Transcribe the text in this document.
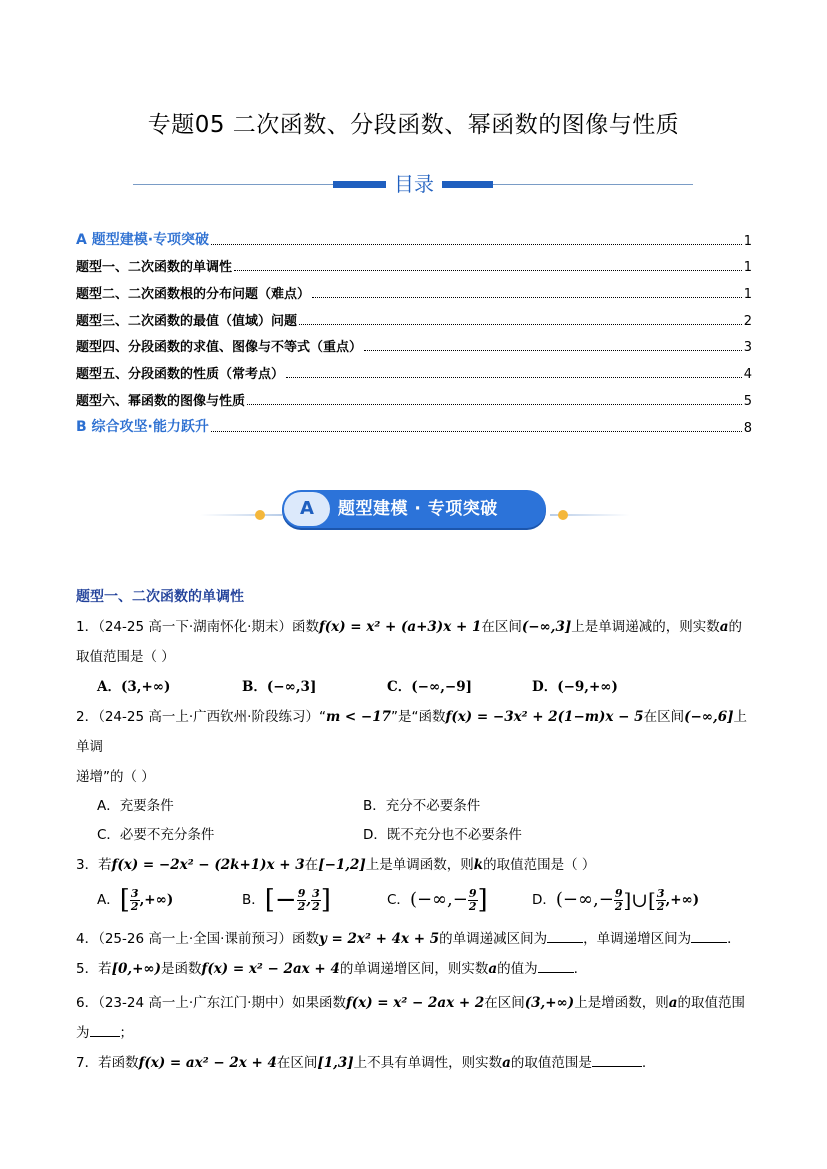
专题05 二次函数、分段函数、幂函数的图像与性质
目录
A 题型建模·专项突破	1
题型一、二次函数的单调性	1
题型二、二次函数根的分布问题（难点）	1
题型三、二次函数的最值（值域）问题	2
题型四、分段函数的求值、图像与不等式（重点）	3
题型五、分段函数的性质（常考点）	4
题型六、幂函数的图像与性质	5
B 综合攻坚·能力跃升	8
A	题型建模 · 专项突破
题型一、二次函数的单调性
1．（24-25 高一下·湖南怀化·期末）函数f(x) = x² + (a+3)x + 1在区间(−∞,3]上是单调递减的，则实数a的
取值范围是（ ）
A．(3,+∞)	B．(−∞,3]	C．(−∞,−9]	D．(−9,+∞)
2．（24-25 高一上·广西钦州·阶段练习）“m < −17”是“函数f(x) = −3x² + 2(1−m)x − 5在区间(−∞,6]上单调
递增”的（ ）
A．充要条件	B．充分不必要条件
C．必要不充分条件	D．既不充分也不必要条件
3．若f(x) = −2x² − (2k+1)x + 3在[−1,2]上是单调函数，则k的取值范围是（ ）
A． [ $\frac{3}{2}$ ,+∞)	B． [− $\frac{9}{2}$ , $\frac{3}{2}$ ]	C． (−∞,− $\frac{9}{2}$ ]	D． (−∞,− $\frac{9}{2}$ ]∪[ $\frac{3}{2}$ ,+∞)
4．（25-26 高一上·全国·课前预习）函数y = 2x² + 4x + 5的单调递减区间为	，单调递增区间为	．
5．若[0,+∞)是函数f(x) = x² − 2ax + 4的单调递增区间，则实数a的值为	.
6．（23-24 高一上·广东江门·期中）如果函数f(x) = x² − 2ax + 2在区间(3,+∞)上是增函数，则a的取值范围
为 ；
7．若函数f(x) = ax² − 2x + 4在区间[1,3]上不具有单调性，则实数a的取值范围是	.
